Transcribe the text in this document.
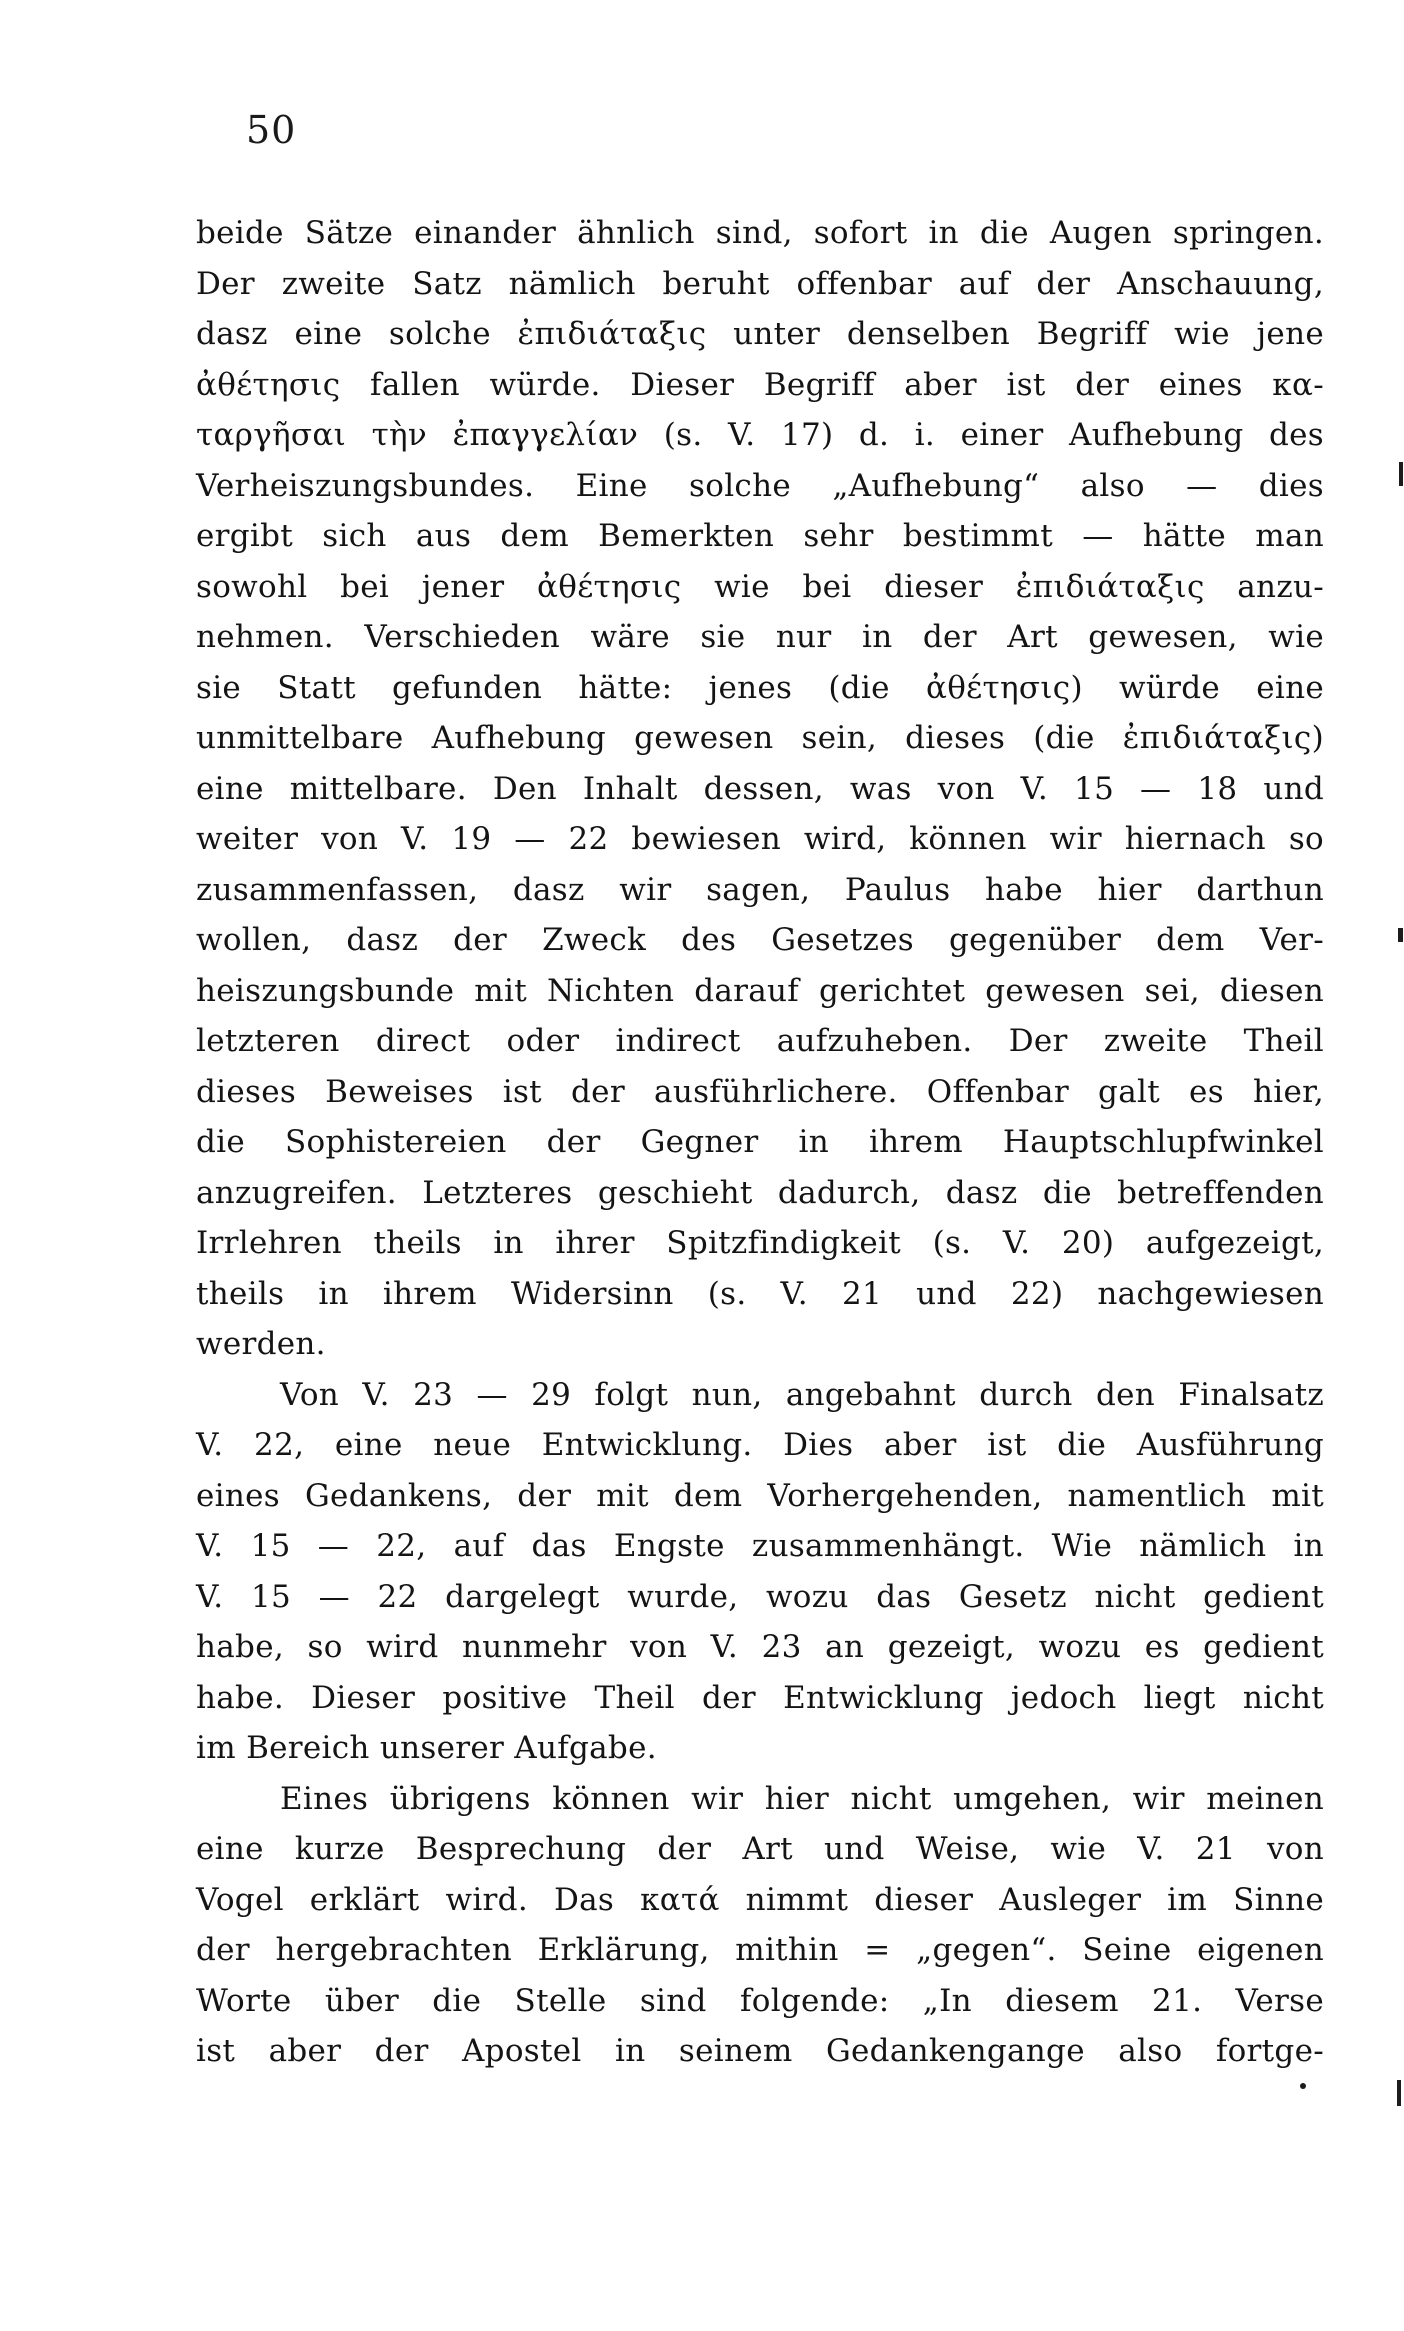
50
beide Sätze einander ähnlich sind, sofort in die Augen springen.
Der zweite Satz nämlich beruht offenbar auf der Anschauung,
dasz eine solche ἐπιδιάταξις unter denselben Begriff wie jene
ἀθέτησις fallen würde. Dieser Begriff aber ist der eines κα-
ταργῆσαι τὴν ἐπαγγελίαν (s. V. 17) d. i. einer Aufhebung des
Verheiszungsbundes. Eine solche „Aufhebung“ also — dies
ergibt sich aus dem Bemerkten sehr bestimmt — hätte man
sowohl bei jener ἀθέτησις wie bei dieser ἐπιδιάταξις anzu-
nehmen. Verschieden wäre sie nur in der Art gewesen, wie
sie Statt gefunden hätte: jenes (die ἀθέτησις) würde eine
unmittelbare Aufhebung gewesen sein, dieses (die ἐπιδιάταξις)
eine mittelbare. Den Inhalt dessen, was von V. 15 — 18 und
weiter von V. 19 — 22 bewiesen wird, können wir hiernach so
zusammenfassen, dasz wir sagen, Paulus habe hier darthun
wollen, dasz der Zweck des Gesetzes gegenüber dem Ver-
heiszungsbunde mit Nichten darauf gerichtet gewesen sei, diesen
letzteren direct oder indirect aufzuheben. Der zweite Theil
dieses Beweises ist der ausführlichere. Offenbar galt es hier,
die Sophistereien der Gegner in ihrem Hauptschlupfwinkel
anzugreifen. Letzteres geschieht dadurch, dasz die betreffenden
Irrlehren theils in ihrer Spitzfindigkeit (s. V. 20) aufgezeigt,
theils in ihrem Widersinn (s. V. 21 und 22) nachgewiesen
werden.
Von V. 23 — 29 folgt nun, angebahnt durch den Finalsatz
V. 22, eine neue Entwicklung. Dies aber ist die Ausführung
eines Gedankens, der mit dem Vorhergehenden, namentlich mit
V. 15 — 22, auf das Engste zusammenhängt. Wie nämlich in
V. 15 — 22 dargelegt wurde, wozu das Gesetz nicht gedient
habe, so wird nunmehr von V. 23 an gezeigt, wozu es gedient
habe. Dieser positive Theil der Entwicklung jedoch liegt nicht
im Bereich unserer Aufgabe.
Eines übrigens können wir hier nicht umgehen, wir meinen
eine kurze Besprechung der Art und Weise, wie V. 21 von
Vogel erklärt wird. Das κατά nimmt dieser Ausleger im Sinne
der hergebrachten Erklärung, mithin = „gegen“. Seine eigenen
Worte über die Stelle sind folgende: „In diesem 21. Verse
ist aber der Apostel in seinem Gedankengange also fortge-
